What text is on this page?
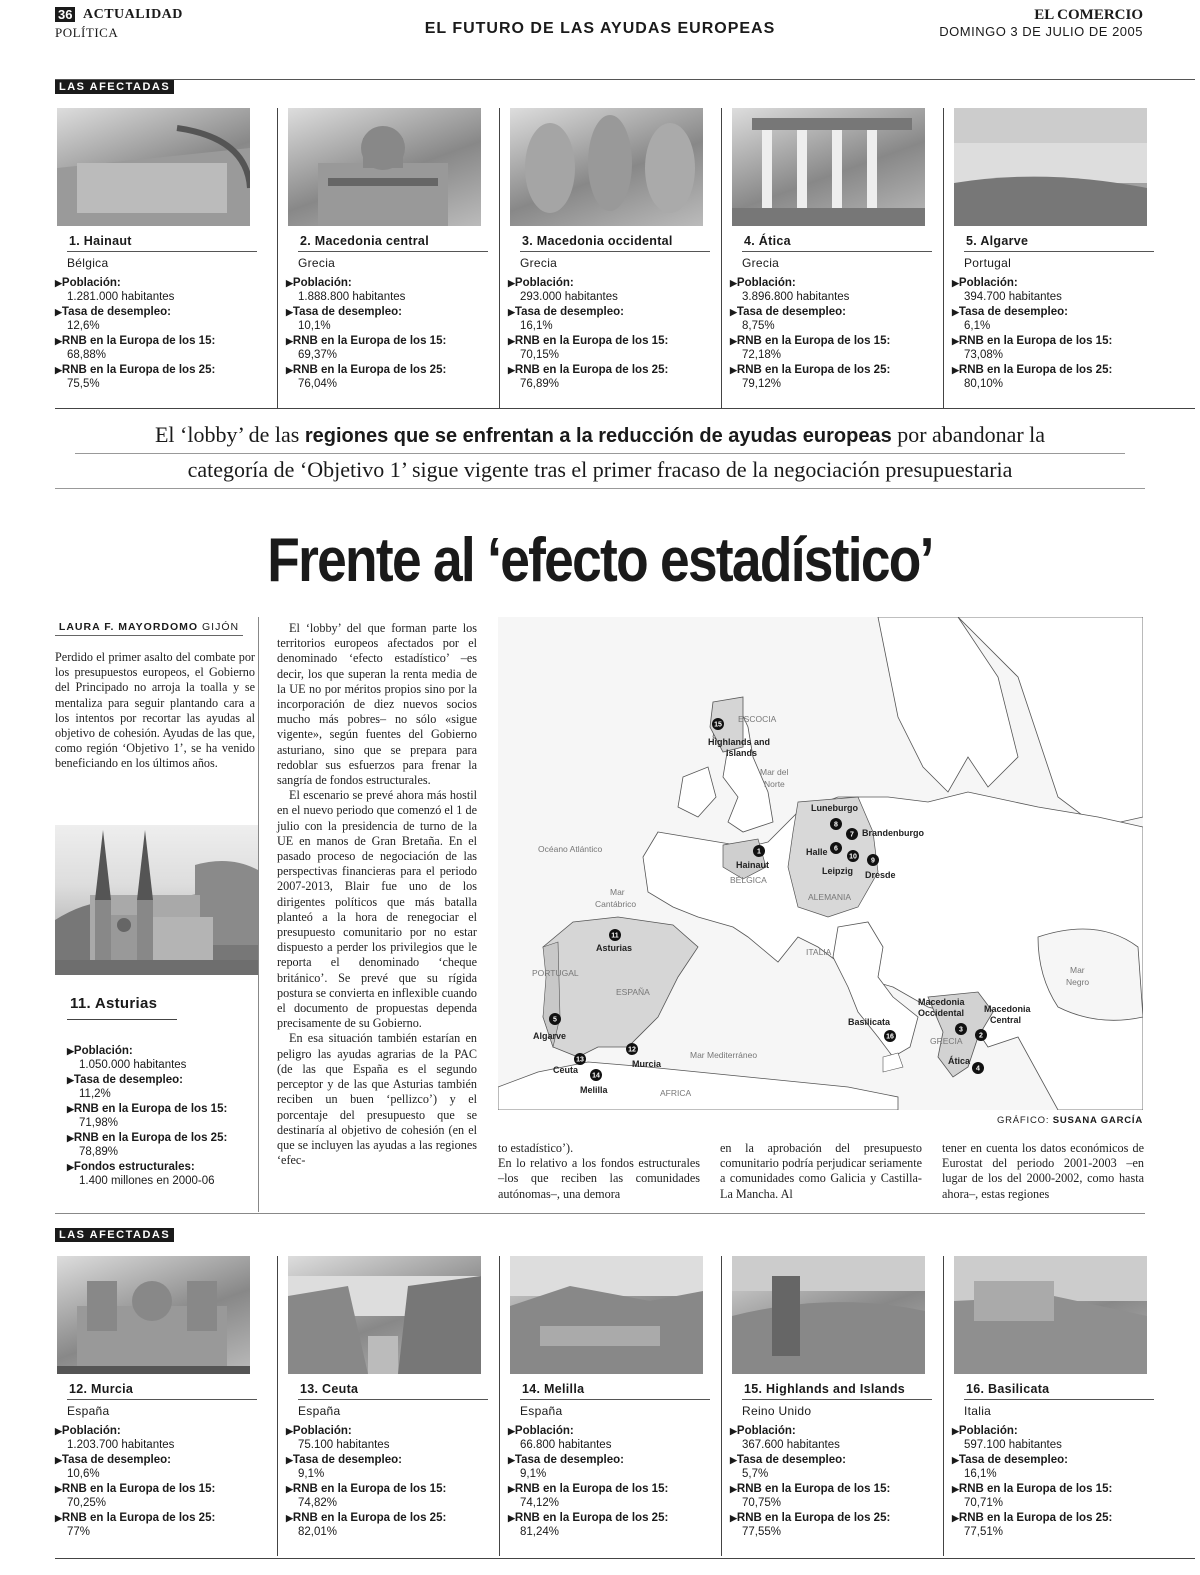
36 ACTUALIDAD
POLÍTICA	EL FUTURO DE LAS AYUDAS EUROPEAS
EL COMERCIO
DOMINGO 3 DE JULIO DE 2005
LAS AFECTADAS
1. Hainaut
Bélgica
▶ Población:
1.281.000 habitantes
▶ Tasa de desempleo:
12,6%
▶ RNB en la Europa de los 15:
68,88%
▶ RNB en la Europa de los 25:
75,5%
2. Macedonia central
Grecia
▶ Población:
1.888.800 habitantes
▶ Tasa de desempleo:
10,1%
▶ RNB en la Europa de los 15:
69,37%
▶ RNB en la Europa de los 25:
76,04%
3. Macedonia occidental
Grecia
▶ Población:
293.000 habitantes
▶ Tasa de desempleo:
16,1%
▶ RNB en la Europa de los 15:
70,15%
▶ RNB en la Europa de los 25:
76,89%
4. Ática
Grecia
▶ Población:
3.896.800 habitantes
▶ Tasa de desempleo:
8,75%
▶ RNB en la Europa de los 15:
72,18%
▶ RNB en la Europa de los 25:
79,12%
5. Algarve
Portugal
▶ Población:
394.700 habitantes
▶ Tasa de desempleo:
6,1%
▶ RNB en la Europa de los 15:
73,08%
▶ RNB en la Europa de los 25:
80,10%
El ‘lobby’ de las regiones que se enfrentan a la reducción de ayudas europeas por abandonar la
categoría de ‘Objetivo 1’ sigue vigente tras el primer fracaso de la negociación presupuestaria
Frente al ‘efecto estadístico’
LAURA F. MAYORDOMO GIJÓN
Perdido el primer asalto del combate por los presupuestos europeos, el Gobierno del Principado no arroja la toalla y se mentaliza para seguir plantando cara a los intentos por recortar las ayudas al objetivo de cohesión. Ayudas de las que, como región ‘Objetivo 1’, se ha venido beneficiando en los últimos años.
11. Asturias
▶ Población:
1.050.000 habitantes
▶ Tasa de desempleo:
11,2%
▶ RNB en la Europa de los 15:
71,98%
▶ RNB en la Europa de los 25:
78,89%
▶ Fondos estructurales:
1.400 millones en 2000-06
El ‘lobby’ del que forman parte los territorios europeos afectados por el denominado ‘efecto estadístico’ –es decir, los que superan la renta media de la UE no por méritos propios sino por la incorporación de diez nuevos socios mucho más pobres– no sólo «sigue vigente», según fuentes del Gobierno asturiano, sino que se prepara para redoblar sus esfuerzos para frenar la sangría de fondos estructurales.
El escenario se prevé ahora más hostil en el nuevo periodo que comenzó el 1 de julio con la presidencia de turno de la UE en manos de Gran Bretaña. En el pasado proceso de negociación de las perspectivas financieras para el periodo 2007-2013, Blair fue uno de los dirigentes políticos que más batalla planteó a la hora de renegociar el presupuesto comunitario por no estar dispuesto a perder los privilegios que le reporta el denominado ‘cheque británico’. Se prevé que su rígida postura se convierta en inflexible cuando el documento de propuestas dependa precisamente de su Gobierno.
En esa situación también estarían en peligro las ayudas agrarias de la PAC (de las que España es el segundo perceptor y de las que Asturias también reciben un buen ‘pellizco’) y el porcentaje del presupuesto que se destinaría al objetivo de cohesión (en el que se incluyen las ayudas a las regiones ‘efec-
ESCOCIA
Highlands and
Islands
Mar del
Norte
Océano Atlántico
Hainaut
BÉLGICA
Luneburgo
Brandenburgo
Halle
Leipzig Dresde
ALEMANIA
Mar
Cantábrico
Asturias
PORTUGAL
ESPAÑA
ITALIA
Algarve
Murcia
Ceuta
Melilla	AFRICA
Mar Mediterráneo
Basilicata
Macedonia
Occidental Macedonia
Central
GRECIA
Ática
Mar
Negro
1
2
3
4
5
6
7
8
9
10
11
12
13
14
15
16
GRÁFICO: SUSANA GARCÍA
to estadístico’).
En lo relativo a los fondos estructurales –los que reciben las comunidades autónomas–, una demora
en la aprobación del presupuesto comunitario podría perjudicar seriamente a comunidades como Galicia y Castilla-La Mancha. Al
tener en cuenta los datos económicos de Eurostat del periodo 2001-2003 –en lugar de los del 2000-2002, como hasta ahora–, estas regiones
LAS AFECTADAS
12. Murcia
España
▶ Población:
1.203.700 habitantes
▶ Tasa de desempleo:
10,6%
▶ RNB en la Europa de los 15:
70,25%
▶ RNB en la Europa de los 25:
77%
13. Ceuta
España
▶ Población:
75.100 habitantes
▶ Tasa de desempleo:
9,1%
▶ RNB en la Europa de los 15:
74,82%
▶ RNB en la Europa de los 25:
82,01%
14. Melilla
España
▶ Población:
66.800 habitantes
▶ Tasa de desempleo:
9,1%
▶ RNB en la Europa de los 15:
74,12%
▶ RNB en la Europa de los 25:
81,24%
15. Highlands and Islands
Reino Unido
▶ Población:
367.600 habitantes
▶ Tasa de desempleo:
5,7%
▶ RNB en la Europa de los 15:
70,75%
▶ RNB en la Europa de los 25:
77,55%
16. Basilicata
Italia
▶ Población:
597.100 habitantes
▶ Tasa de desempleo:
16,1%
▶ RNB en la Europa de los 15:
70,71%
▶ RNB en la Europa de los 25:
77,51%
